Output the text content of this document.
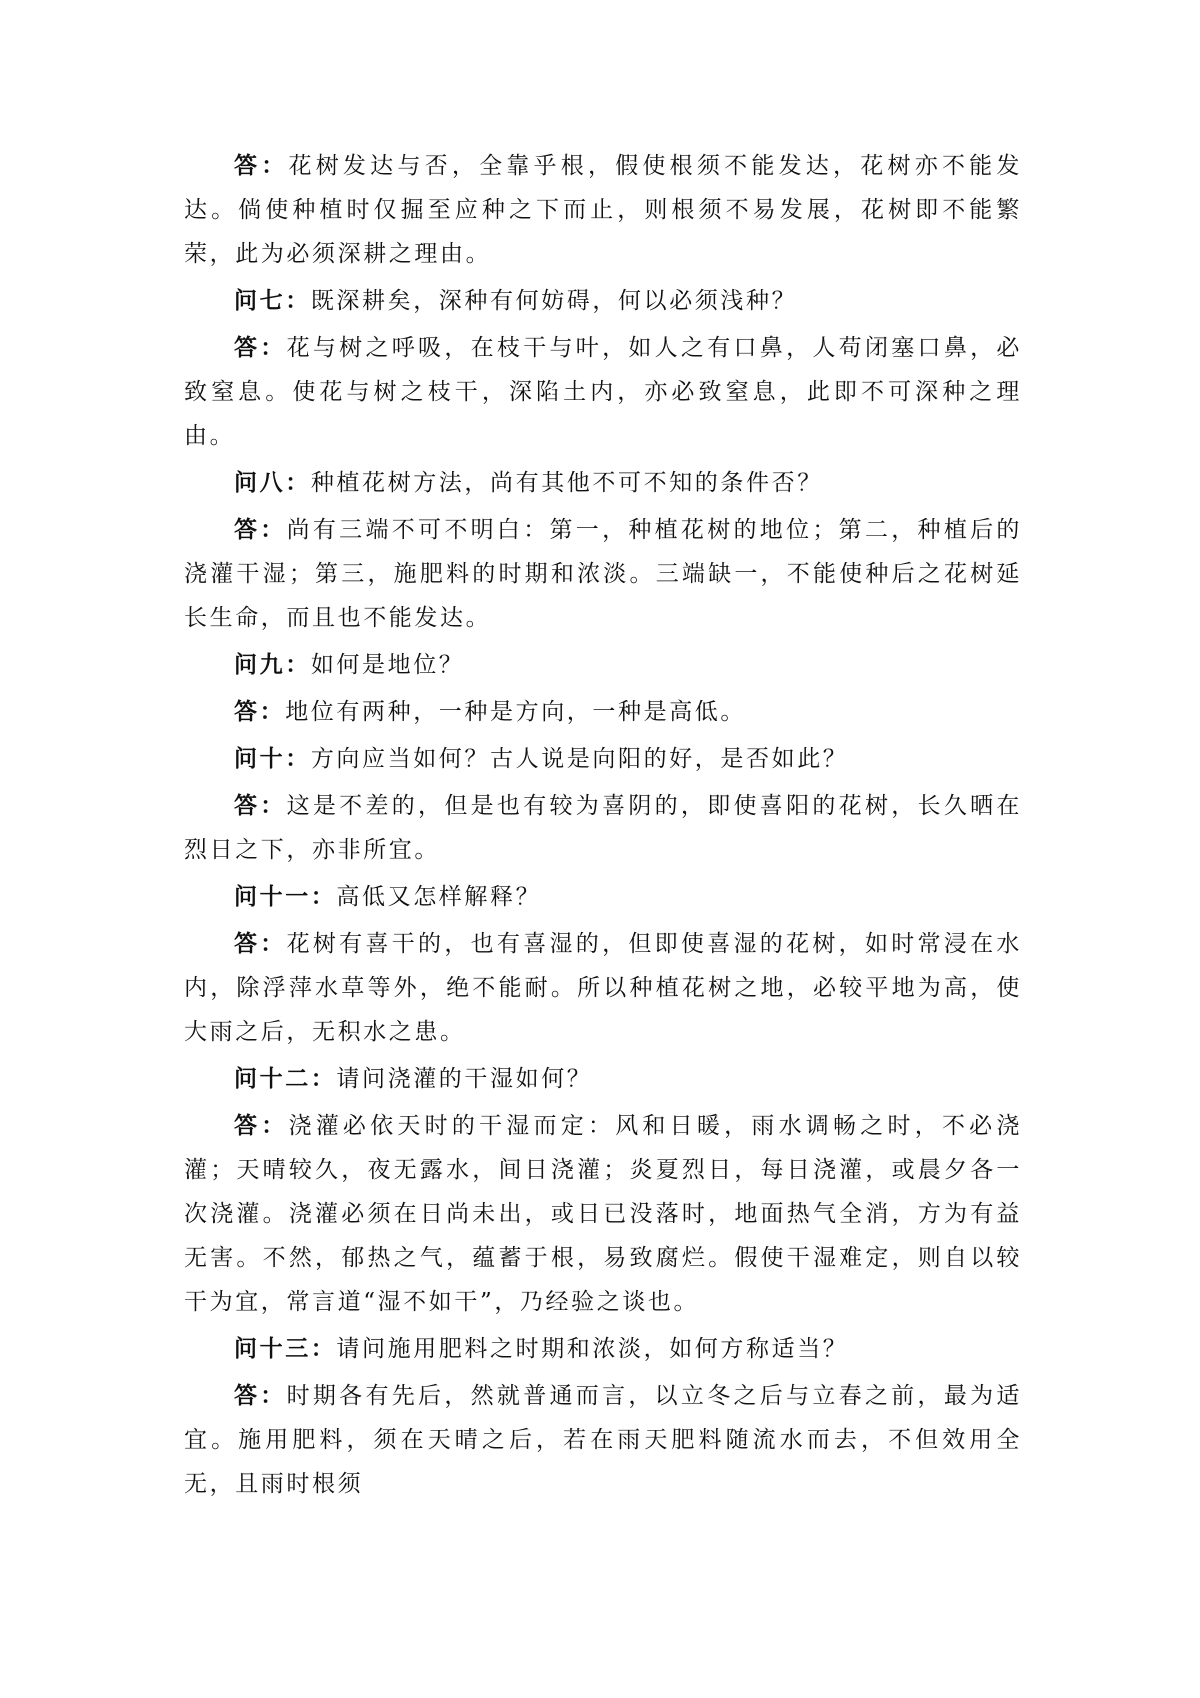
答：花树发达与否，全靠乎根，假使根须不能发达，花树亦不能发达。倘使种植时仅掘至应种之下而止，则根须不易发展，花树即不能繁荣，此为必须深耕之理由。

问七：既深耕矣，深种有何妨碍，何以必须浅种？

答：花与树之呼吸，在枝干与叶，如人之有口鼻，人苟闭塞口鼻，必致窒息。使花与树之枝干，深陷土内，亦必致窒息，此即不可深种之理由。

问八：种植花树方法，尚有其他不可不知的条件否？

答：尚有三端不可不明白：第一，种植花树的地位；第二，种植后的浇灌干湿；第三，施肥料的时期和浓淡。三端缺一，不能使种后之花树延长生命，而且也不能发达。

问九：如何是地位？

答：地位有两种，一种是方向，一种是高低。

问十：方向应当如何？古人说是向阳的好，是否如此？

答：这是不差的，但是也有较为喜阴的，即使喜阳的花树，长久晒在烈日之下，亦非所宜。

问十一：高低又怎样解释？

答：花树有喜干的，也有喜湿的，但即使喜湿的花树，如时常浸在水内，除浮萍水草等外，绝不能耐。所以种植花树之地，必较平地为高，使大雨之后，无积水之患。

问十二：请问浇灌的干湿如何？

答：浇灌必依天时的干湿而定：风和日暖，雨水调畅之时，不必浇灌；天晴较久，夜无露水，间日浇灌；炎夏烈日，每日浇灌，或晨夕各一次浇灌。浇灌必须在日尚未出，或日已没落时，地面热气全消，方为有益无害。不然，郁热之气，蕴蓄于根，易致腐烂。假使干湿难定，则自以较干为宜，常言道“湿不如干”，乃经验之谈也。

问十三：请问施用肥料之时期和浓淡，如何方称适当？

答：时期各有先后，然就普通而言，以立冬之后与立春之前，最为适宜。施用肥料，须在天晴之后，若在雨天肥料随流水而去，不但效用全无，且雨时根须
